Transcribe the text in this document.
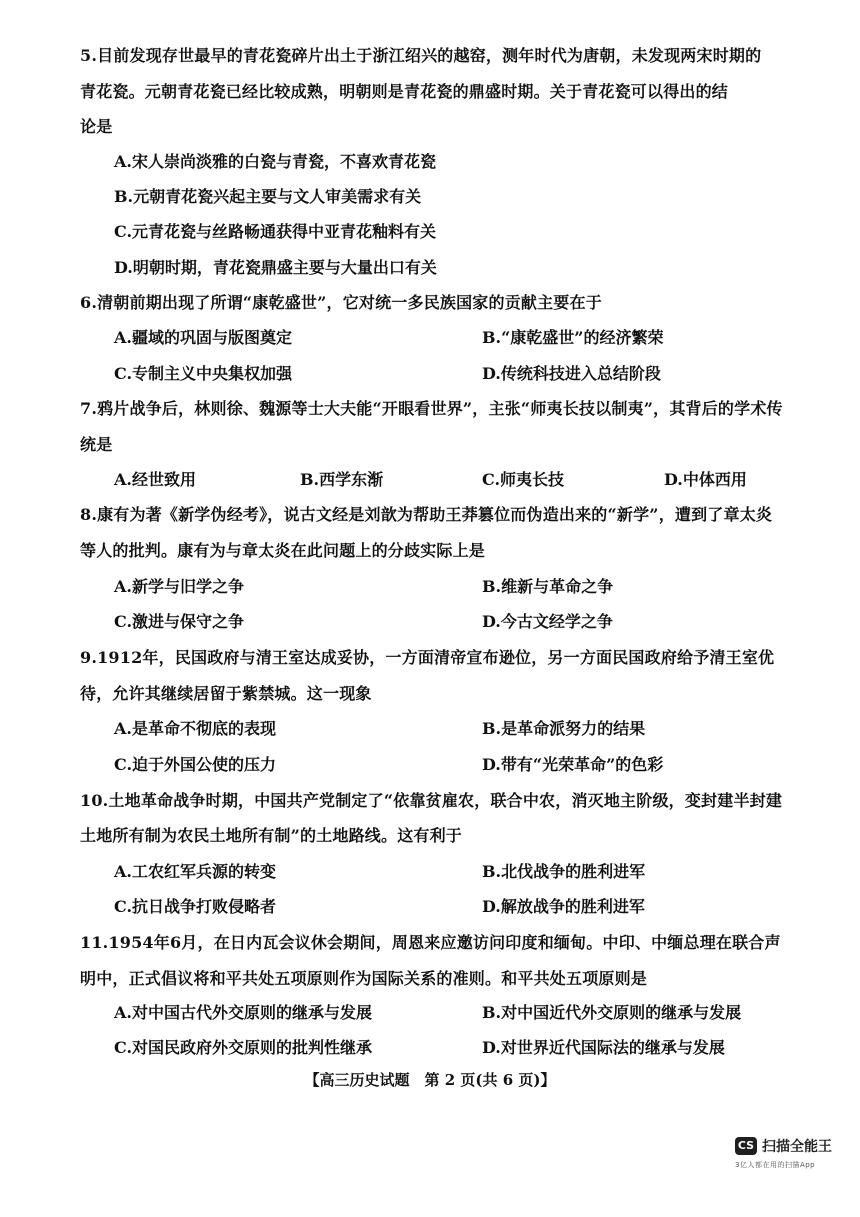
5.目前发现存世最早的青花瓷碎片出土于浙江绍兴的越窑，测年时代为唐朝，未发现两宋时期的
青花瓷。元朝青花瓷已经比较成熟，明朝则是青花瓷的鼎盛时期。关于青花瓷可以得出的结
论是
A.宋人崇尚淡雅的白瓷与青瓷，不喜欢青花瓷
B.元朝青花瓷兴起主要与文人审美需求有关
C.元青花瓷与丝路畅通获得中亚青花釉料有关
D.明朝时期，青花瓷鼎盛主要与大量出口有关
6.清朝前期出现了所谓“康乾盛世”，它对统一多民族国家的贡献主要在于
A.疆域的巩固与版图奠定	B.“康乾盛世”的经济繁荣
C.专制主义中央集权加强	D.传统科技进入总结阶段
7.鸦片战争后，林则徐、魏源等士大夫能“开眼看世界”，主张“师夷长技以制夷”，其背后的学术传
统是
A.经世致用	B.西学东渐	C.师夷长技	D.中体西用
8.康有为著《新学伪经考》，说古文经是刘歆为帮助王莽篡位而伪造出来的“新学”，遭到了章太炎
等人的批判。康有为与章太炎在此问题上的分歧实际上是
A.新学与旧学之争	B.维新与革命之争
C.激进与保守之争	D.今古文经学之争
9.1912年，民国政府与清王室达成妥协，一方面清帝宣布逊位，另一方面民国政府给予清王室优
待，允许其继续居留于紫禁城。这一现象
A.是革命不彻底的表现	B.是革命派努力的结果
C.迫于外国公使的压力	D.带有“光荣革命”的色彩
10.土地革命战争时期，中国共产党制定了“依靠贫雇农，联合中农，消灭地主阶级，变封建半封建
土地所有制为农民土地所有制”的土地路线。这有利于
A.工农红军兵源的转变	B.北伐战争的胜利进军
C.抗日战争打败侵略者	D.解放战争的胜利进军
11.1954年6月，在日内瓦会议休会期间，周恩来应邀访问印度和缅甸。中印、中缅总理在联合声
明中，正式倡议将和平共处五项原则作为国际关系的准则。和平共处五项原则是
A.对中国古代外交原则的继承与发展	B.对中国近代外交原则的继承与发展
C.对国民政府外交原则的批判性继承	D.对世界近代国际法的继承与发展
【高三历史试题　第 2 页(共 6 页)】
CS 扫描全能王
3亿人都在用的扫描App
